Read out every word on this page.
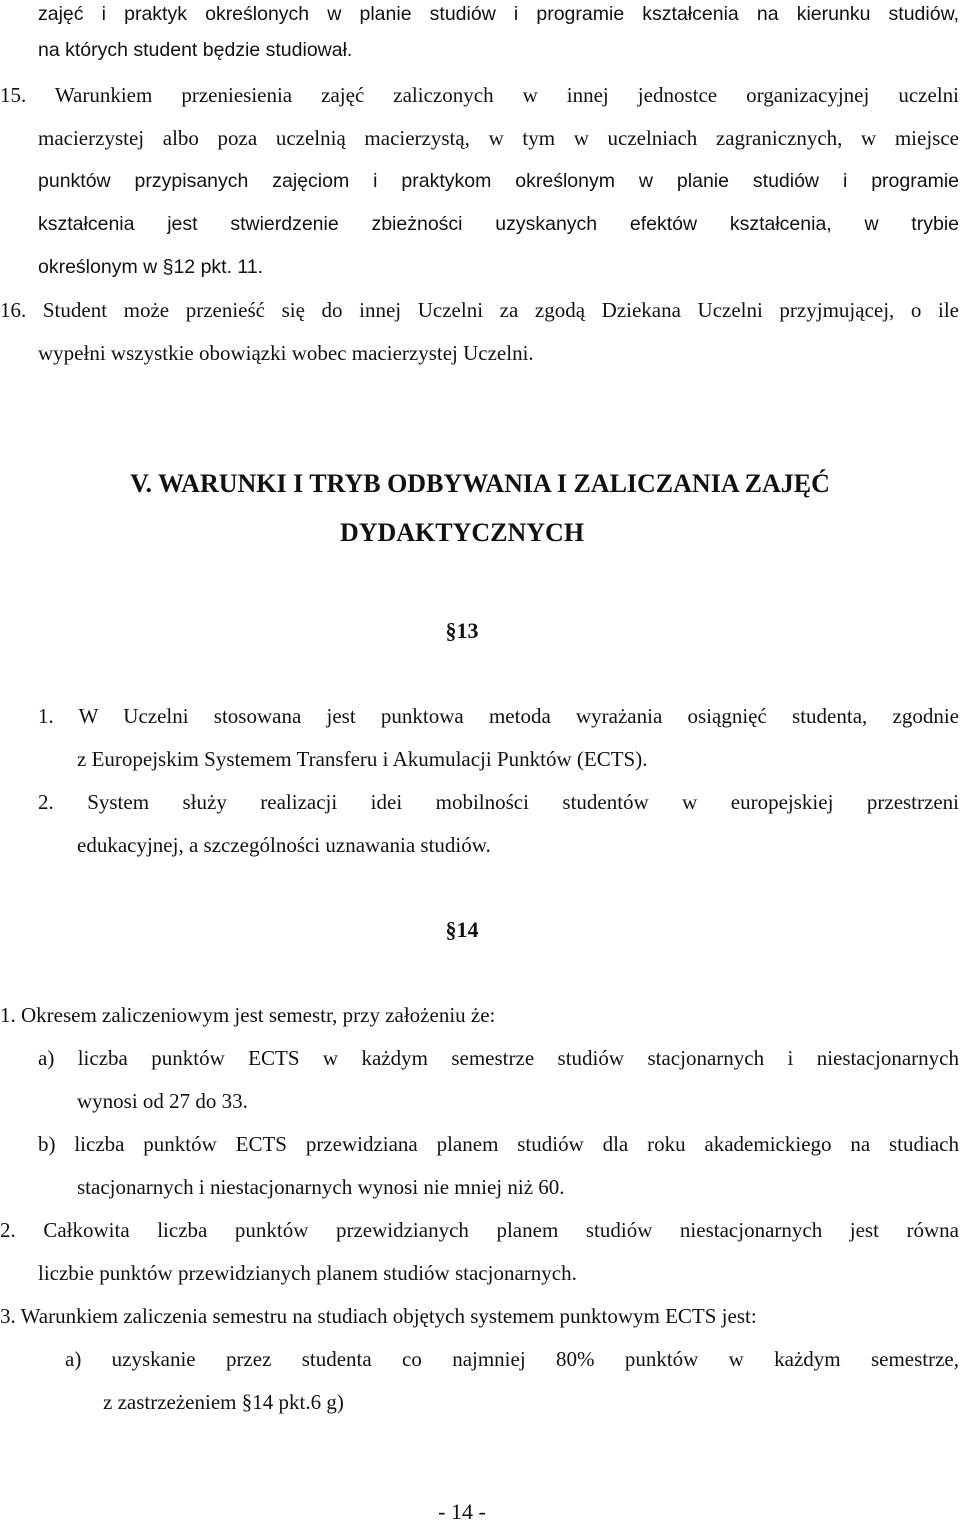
zajęć i praktyk określonych w planie studiów i programie kształcenia na kierunku studiów,

na których student będzie studiował.

15. Warunkiem przeniesienia zajęć zaliczonych w innej jednostce organizacyjnej uczelni

macierzystej albo poza uczelnią macierzystą, w tym w uczelniach zagranicznych, w miejsce

punktów przypisanych zajęciom i praktykom określonym w planie studiów i programie

kształcenia jest stwierdzenie zbieżności uzyskanych efektów kształcenia, w trybie

określonym w §12 pkt. 11.

16. Student może przenieść się do innej Uczelni za zgodą Dziekana Uczelni przyjmującej, o ile

wypełni wszystkie obowiązki wobec macierzystej Uczelni.

V. WARUNKI I TRYB ODBYWANIA I ZALICZANIA ZAJĘĆ
DYDAKTYCZNYCH

§13

1. W Uczelni stosowana jest punktowa metoda wyrażania osiągnięć studenta, zgodnie

z Europejskim Systemem Transferu i Akumulacji Punktów (ECTS).

2. System służy realizacji idei mobilności studentów w europejskiej przestrzeni

edukacyjnej, a szczególności uznawania studiów.

§14

1. Okresem zaliczeniowym jest semestr, przy założeniu że:

a) liczba punktów ECTS w każdym semestrze studiów stacjonarnych i niestacjonarnych

wynosi od 27 do 33.

b) liczba punktów ECTS przewidziana planem studiów dla roku akademickiego na studiach

stacjonarnych i niestacjonarnych wynosi nie mniej niż 60.

2. Całkowita liczba punktów przewidzianych planem studiów niestacjonarnych jest równa

liczbie punktów przewidzianych planem studiów stacjonarnych.

3. Warunkiem zaliczenia semestru na studiach objętych systemem punktowym ECTS jest:

a) uzyskanie przez studenta co najmniej 80% punktów w każdym semestrze,

z zastrzeżeniem §14 pkt.6 g)

- 14 -
